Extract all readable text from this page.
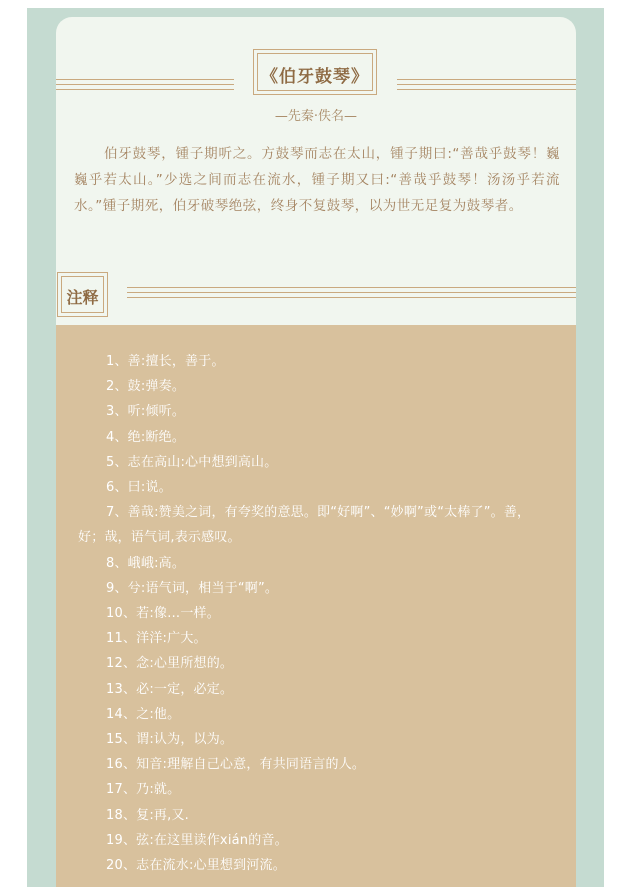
《伯牙鼓琴》
—先秦·佚名—
伯牙鼓琴，锺子期听之。方鼓琴而志在太山，锺子期曰:“善哉乎鼓琴！巍巍乎若太山。”少选之间而志在流水，锺子期又曰:“善哉乎鼓琴！汤汤乎若流水。”锺子期死，伯牙破琴绝弦，终身不复鼓琴，以为世无足复为鼓琴者。
注释
1、善:擅长，善于。
2、鼓:弹奏。
3、听:倾听。
4、绝:断绝。
5、志在高山:心中想到高山。
6、曰:说。
7、善哉:赞美之词，有夸奖的意思。即“好啊”、“妙啊”或“太棒了”。善，好；哉，语气词,表示感叹。
8、峨峨:高。
9、兮:语气词，相当于“啊”。
10、若:像…一样。
11、洋洋:广大。
12、念:心里所想的。
13、必:一定，必定。
14、之:他。
15、谓:认为，以为。
16、知音:理解自己心意，有共同语言的人。
17、乃:就。
18、复:再,又.
19、弦:在这里读作xián的音。
20、志在流水:心里想到河流。
